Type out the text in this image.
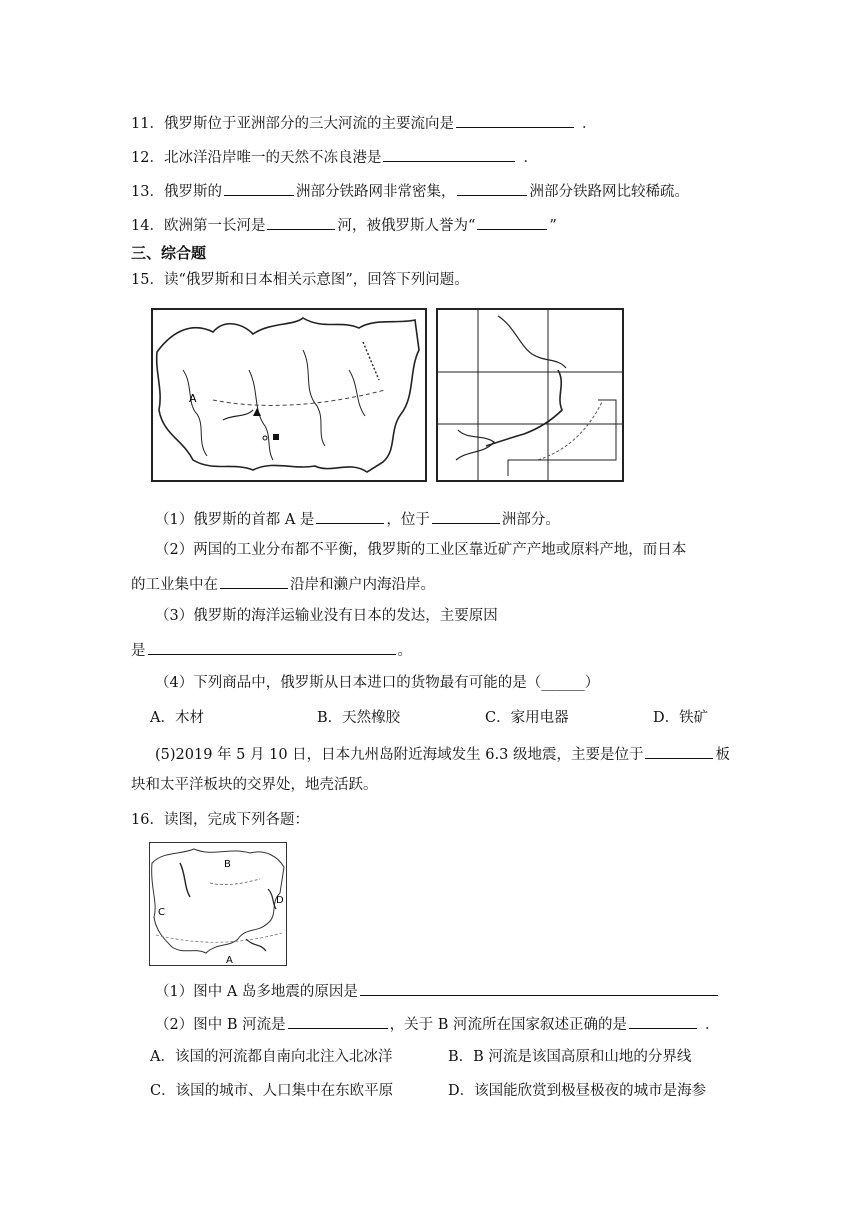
11．俄罗斯位于亚洲部分的三大河流的主要流向是	．
12．北冰洋沿岸唯一的天然不冻良港是	．
13．俄罗斯的	洲部分铁路网非常密集，	洲部分铁路网比较稀疏。
14．欧洲第一长河是	河，被俄罗斯人誉为“	”
三、综合题
15．读“俄罗斯和日本相关示意图”，回答下列问题。
A
（1）俄罗斯的首都 A 是	，位于	洲部分。
（2）两国的工业分布都不平衡，俄罗斯的工业区靠近矿产产地或原料产地，而日本
的工业集中在	沿岸和濑户内海沿岸。
（3）俄罗斯的海洋运输业没有日本的发达，主要原因
是	。
（4）下列商品中，俄罗斯从日本进口的货物最有可能的是（______）
A．木材	B．天然橡胶	C．家用电器	D．铁矿
(5)2019 年 5 月 10 日，日本九州岛附近海域发生 6.3 级地震，主要是位于	板
块和太平洋板块的交界处，地壳活跃。
16．读图，完成下列各题：
B
C
D
A
（1）图中 A 岛多地震的原因是
（2）图中 B 河流是	，关于 B 河流所在国家叙述正确的是	．
A．该国的河流都自南向北注入北冰洋	B．B 河流是该国高原和山地的分界线
C．该国的城市、人口集中在东欧平原	D．该国能欣赏到极昼极夜的城市是海参
